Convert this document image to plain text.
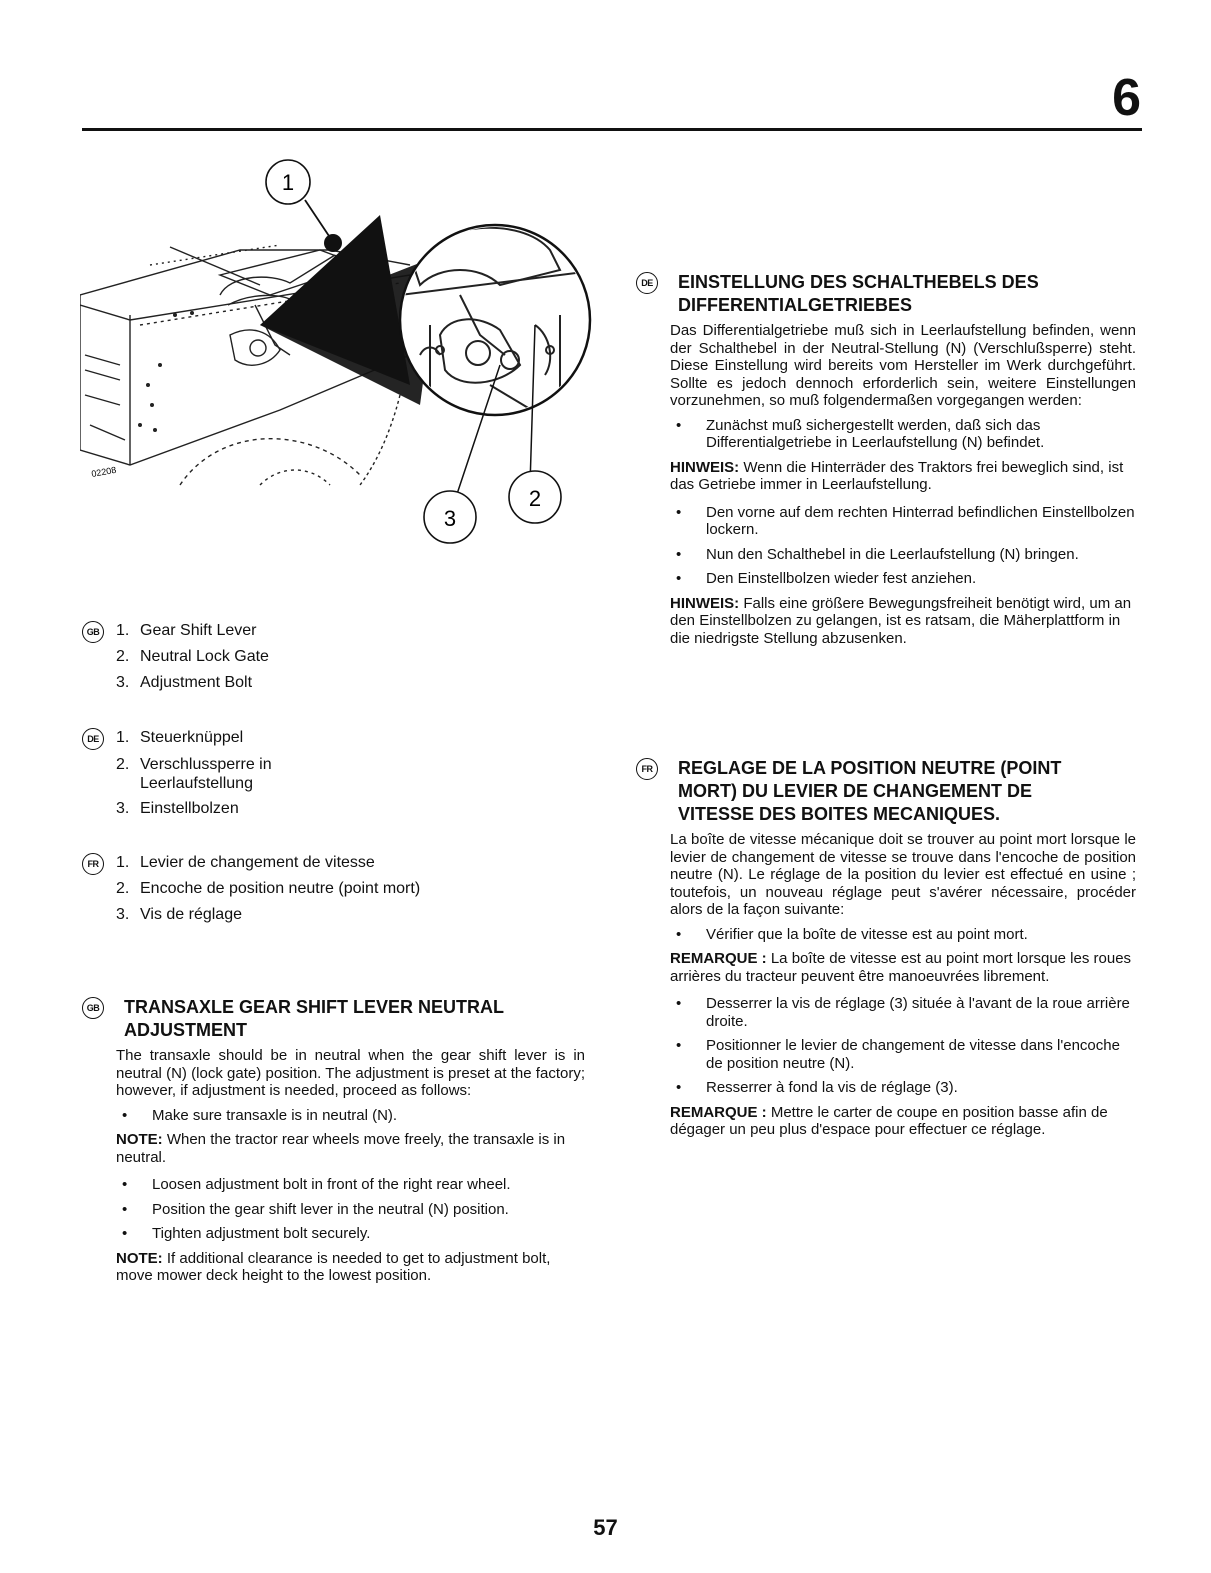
6
02208
1
2
3
GB 1. Gear Shift Lever
2. Neutral Lock Gate
3. Adjustment Bolt
DE	1. Steuerknüppel
2. Verschlussperre in Leerlaufstellung
3. Einstellbolzen
FR	1. Levier de changement de vitesse
2. Encoche de position neutre (point mort)
3. Vis de réglage
GB TRANSAXLE GEAR SHIFT LEVER NEUTRAL ADJUSTMENT
The transaxle should be in neutral when the gear shift lever is in neutral (N) (lock gate) position. The adjustment is preset at the factory; however, if adjustment is needed, proceed as follows:
•	Make sure transaxle is in neutral (N).
NOTE: When the tractor rear wheels move freely, the transaxle is in neutral.
•	Loosen adjustment bolt in front of the right rear wheel.
•	Position the gear shift lever in the neutral (N) position.
•	Tighten adjustment bolt securely.
NOTE: If additional clearance is needed to get to adjustment bolt, move mower deck height to the lowest position.
DE EINSTELLUNG DES SCHALTHEBELS DES DIFFERENTIALGETRIEBES
Das Differentialgetriebe muß sich in Leerlaufstellung befinden, wenn der Schalthebel in der Neutral-Stellung (N) (Verschlußsperre) steht. Diese Einstellung wird bereits vom Hersteller im Werk durchgeführt. Sollte es jedoch dennoch erforderlich sein, weitere Einstellungen vorzunehmen, so muß folgendermaßen vorgegangen werden:
•	Zunächst muß sichergestellt werden, daß sich das Differentialgetriebe in Leerlaufstellung (N) befindet.
HINWEIS: Wenn die Hinterräder des Traktors frei beweglich sind, ist das Getriebe immer in Leerlaufstellung.
•	Den vorne auf dem rechten Hinterrad befindlichen Einstellbolzen lockern.
•	Nun den Schalthebel in die Leerlaufstellung (N) bringen.
•	Den Einstellbolzen wieder fest anziehen.
HINWEIS: Falls eine größere Bewegungsfreiheit benötigt wird, um an den Einstellbolzen zu gelangen, ist es ratsam, die Mäherplattform in die niedrigste Stellung abzusenken.
FR	REGLAGE DE LA POSITION NEUTRE (POINT MORT) DU LEVIER DE CHANGEMENT DE VITESSE DES BOITES MECANIQUES.
La boîte de vitesse mécanique doit se trouver au point mort lorsque le levier de changement de vitesse se trouve dans l'encoche de position neutre (N). Le réglage de la position du levier est effectué en usine ; toutefois, un nouveau réglage peut s'avérer nécessaire, procéder alors de la façon suivante:
•	Vérifier que la boîte de vitesse est au point mort.
REMARQUE : La boîte de vitesse est au point mort lorsque les roues arrières du tracteur peuvent être manoeuvrées librement.
•	Desserrer la vis de réglage (3) située à l'avant de la roue arrière droite.
•	Positionner le levier de changement de vitesse dans l'encoche de position neutre (N).
•	Resserrer à fond la vis de réglage (3).
REMARQUE : Mettre le carter de coupe en position basse afin de dégager un peu plus d'espace pour effectuer ce réglage.
57
